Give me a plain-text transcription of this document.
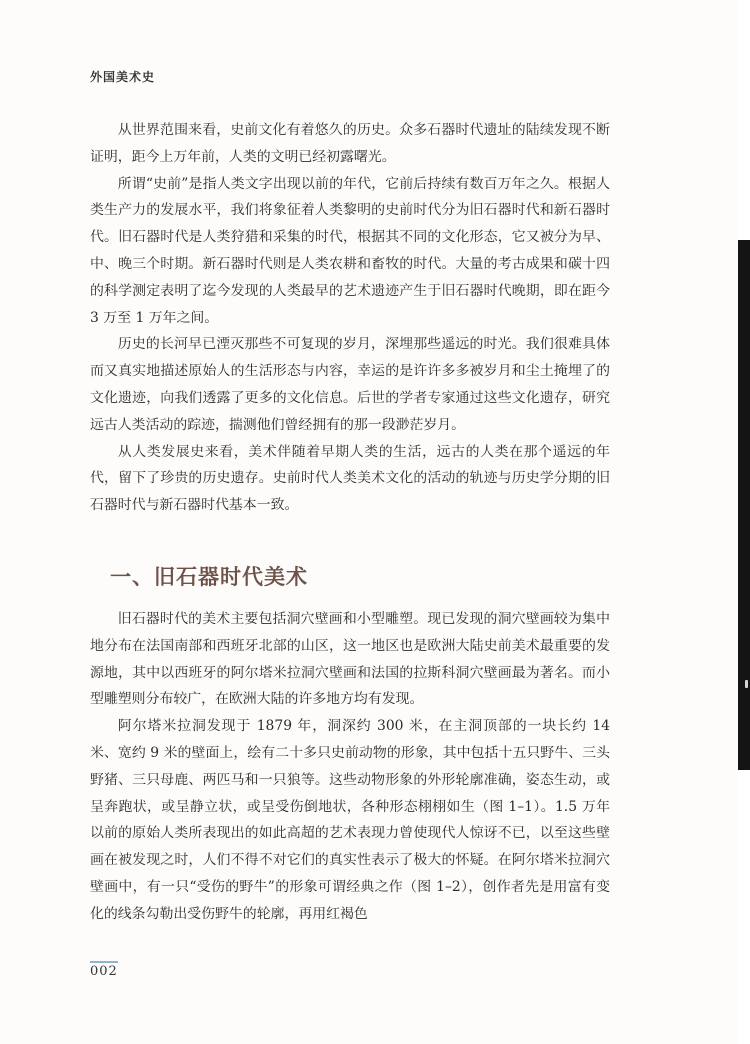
外国美术史

从世界范围来看，史前文化有着悠久的历史。众多石器时代遗址的陆续发现不断证明，距今上万年前，人类的文明已经初露曙光。

所谓“史前”是指人类文字出现以前的年代，它前后持续有数百万年之久。根据人类生产力的发展水平，我们将象征着人类黎明的史前时代分为旧石器时代和新石器时代。旧石器时代是人类狩猎和采集的时代，根据其不同的文化形态，它又被分为早、中、晚三个时期。新石器时代则是人类农耕和畜牧的时代。大量的考古成果和碳十四的科学测定表明了迄今发现的人类最早的艺术遗迹产生于旧石器时代晚期，即在距今 3 万至 1 万年之间。

历史的长河早已湮灭那些不可复现的岁月，深埋那些遥远的时光。我们很难具体而又真实地描述原始人的生活形态与内容，幸运的是许许多多被岁月和尘土掩埋了的文化遗迹，向我们透露了更多的文化信息。后世的学者专家通过这些文化遗存，研究远古人类活动的踪迹，揣测他们曾经拥有的那一段渺茫岁月。

从人类发展史来看，美术伴随着早期人类的生活，远古的人类在那个遥远的年代，留下了珍贵的历史遗存。史前时代人类美术文化的活动的轨迹与历史学分期的旧石器时代与新石器时代基本一致。

一、旧石器时代美术

旧石器时代的美术主要包括洞穴壁画和小型雕塑。现已发现的洞穴壁画较为集中地分布在法国南部和西班牙北部的山区，这一地区也是欧洲大陆史前美术最重要的发源地，其中以西班牙的阿尔塔米拉洞穴壁画和法国的拉斯科洞穴壁画最为著名。而小型雕塑则分布较广，在欧洲大陆的许多地方均有发现。

阿尔塔米拉洞发现于 1879 年，洞深约 300 米，在主洞顶部的一块长约 14 米、宽约 9 米的壁面上，绘有二十多只史前动物的形象，其中包括十五只野牛、三头野猪、三只母鹿、两匹马和一只狼等。这些动物形象的外形轮廓准确，姿态生动，或呈奔跑状，或呈静立状，或呈受伤倒地状，各种形态栩栩如生（图 1–1）。1.5 万年以前的原始人类所表现出的如此高超的艺术表现力曾使现代人惊讶不已，以至这些壁画在被发现之时，人们不得不对它们的真实性表示了极大的怀疑。在阿尔塔米拉洞穴壁画中，有一只“受伤的野牛”的形象可谓经典之作（图 1–2），创作者先是用富有变化的线条勾勒出受伤野牛的轮廓，再用红褐色

002
